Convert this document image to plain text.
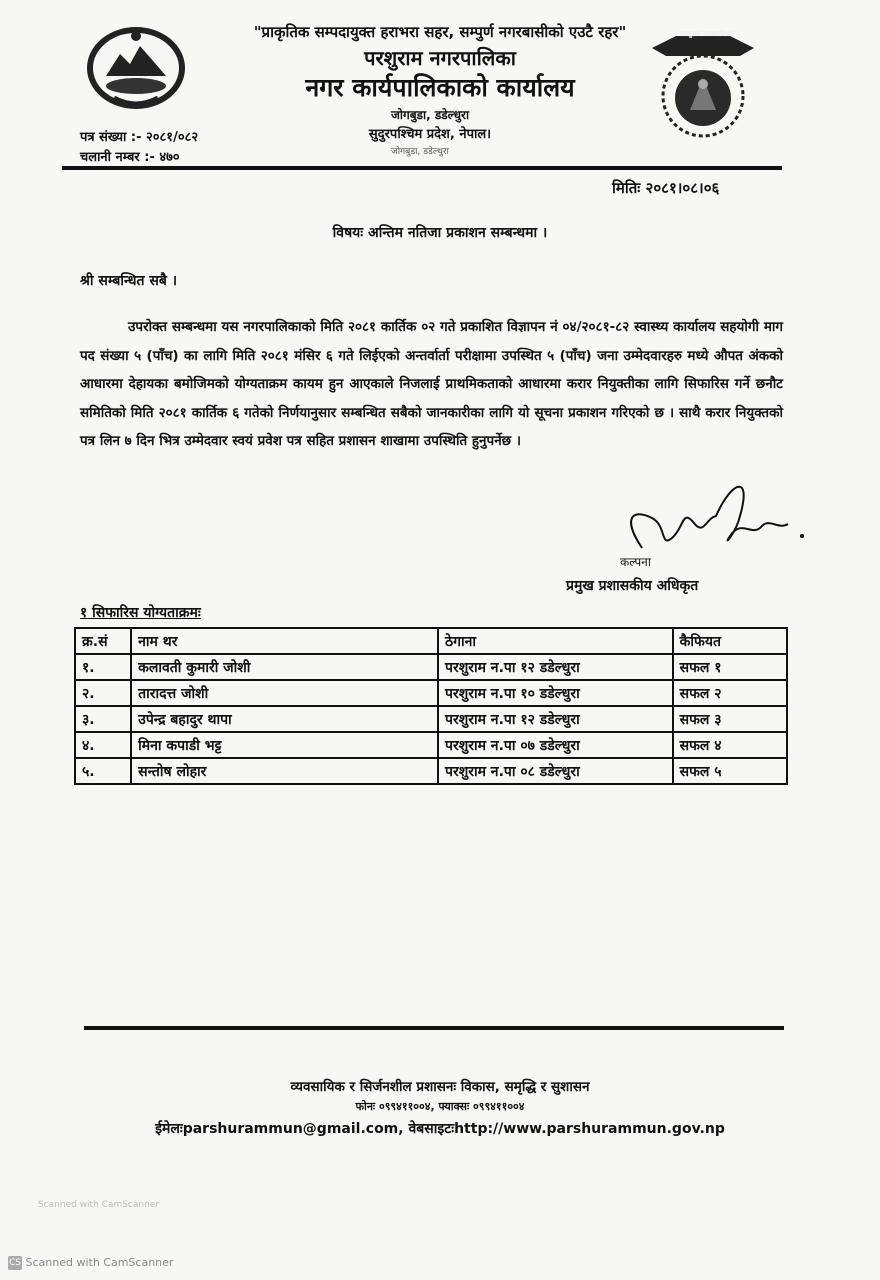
परशुराम नगरपालिका
"प्राकृतिक सम्पदायुक्त हराभरा सहर, सम्पुर्ण नगरबासीको एउटै रहर"
परशुराम नगरपालिका
नगर कार्यपालिकाको कार्यालय
जोगबुडा, डडेल्धुरा
सुदुरपश्चिम प्रदेश, नेपाल।
जोगबुडा, डडेल्धुरा
पत्र संख्या :- २०८१/०८२
चलानी नम्बर :- ४७०
मितिः २०८१।०८।०६
विषयः अन्तिम नतिजा प्रकाशन सम्बन्धमा ।
श्री सम्बन्धित सबै ।
उपरोक्त सम्बन्धमा यस नगरपालिकाको मिति २०८१ कार्तिक ०२ गते प्रकाशित विज्ञापन नं ०४/२०८१-८२ स्वास्थ्य कार्यालय सहयोगी माग पद संख्या ५ (पाँच) का लागि मिति २०८१ मंसिर ६ गते लिईएको अन्तर्वार्ता परीक्षामा उपस्थित ५ (पाँच) जना उम्मेदवारहरु मध्ये औपत अंकको आधारमा देहायका बमोजिमको योग्यताक्रम कायम हुन आएकाले निजलाई प्राथमिकताको आधारमा करार नियुक्तीका लागि सिफारिस गर्ने छनौट समितिको मिति २०८१ कार्तिक ६ गतेको निर्णयानुसार सम्बन्धित सबैको जानकारीका लागि यो सूचना प्रकाशन गरिएको छ । साथै करार नियुक्तको पत्र लिन ७ दिन भित्र उम्मेदवार स्वयं प्रवेश पत्र सहित प्रशासन शाखामा उपस्थिति हुनुपर्नेछ ।
कल्पना
प्रमुख प्रशासकीय अधिकृत
१ सिफारिस योग्यताक्रमः
क्र.सं	नाम थर	ठेगाना	कैफियत
१.	कलावती कुमारी जोशी	परशुराम न.पा १२ डडेल्धुरा	सफल १
२.	तारादत्त जोशी	परशुराम न.पा १० डडेल्धुरा	सफल २
३.	उपेन्द्र बहादुर थापा	परशुराम न.पा १२ डडेल्धुरा	सफल ३
४.	मिना कपाडी भट्ट	परशुराम न.पा ०७ डडेल्धुरा	सफल ४
५.	सन्तोष लोहार	परशुराम न.पा ०८ डडेल्धुरा	सफल ५
व्यवसायिक र सिर्जनशील प्रशासनः विकास, समृद्धि र सुशासन
फोनः ०९९४११००४, फ्याक्सः ०९९४११००४
ईमेलःparshurammun@gmail.com, वेबसाइटःhttp://www.parshurammun.gov.np
Scanned with CamScanner
CS Scanned with CamScanner
